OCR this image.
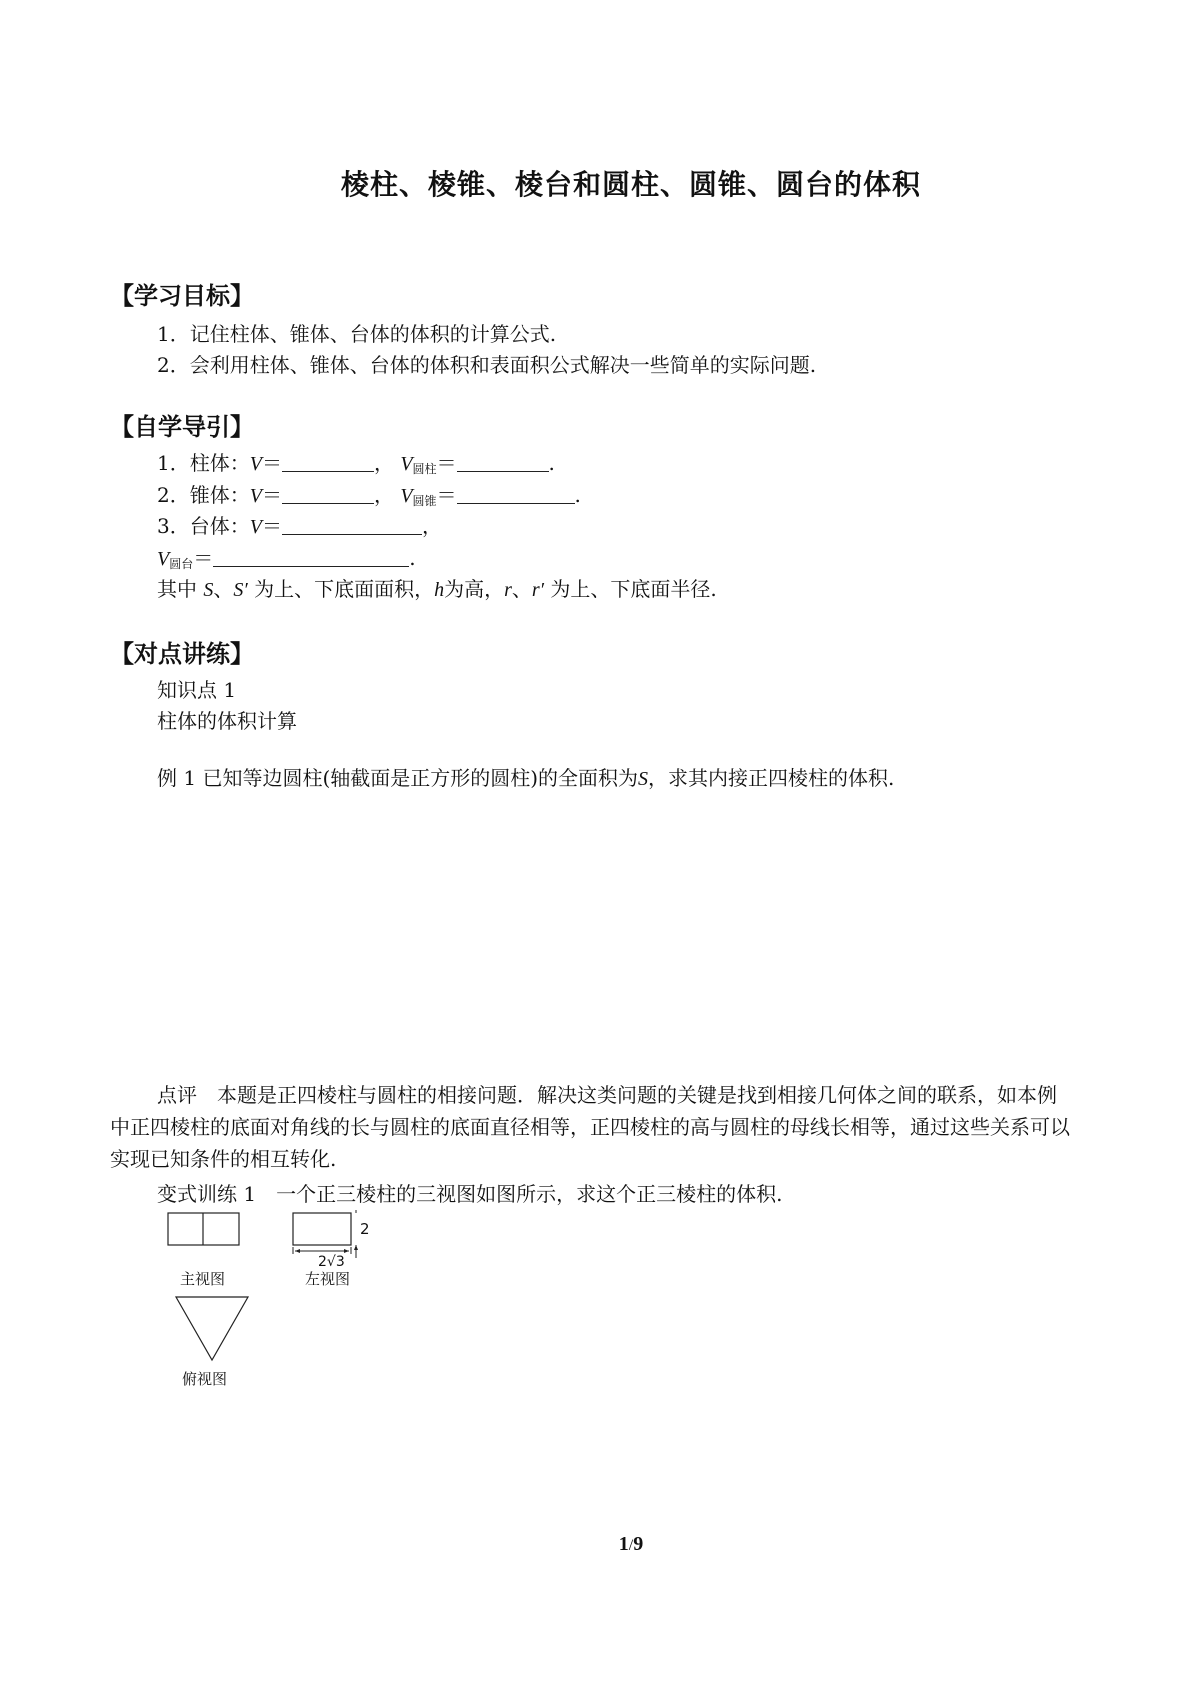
棱柱、棱锥、棱台和圆柱、圆锥、圆台的体积
【学习目标】
1．记住柱体、锥体、台体的体积的计算公式.
2．会利用柱体、锥体、台体的体积和表面积公式解决一些简单的实际问题.
【自学导引】
1．柱体：V＝	， $V_{圆柱}=$	.
2．锥体：V＝	， $V_{圆锥}=$	.
3．台体：V＝	，
$V_{圆台}=$	.
其中 S、S′ 为上、下底面面积，h为高，r、r′ 为上、下底面半径.
【对点讲练】
知识点 1
柱体的体积计算
例 1 已知等边圆柱(轴截面是正方形的圆柱)的全面积为S，求其内接正四棱柱的体积.
点评　本题是正四棱柱与圆柱的相接问题．解决这类问题的关键是找到相接几何体之间的联系，如本例中正四棱柱的底面对角线的长与圆柱的底面直径相等，正四棱柱的高与圆柱的母线长相等，通过这些关系可以实现已知条件的相互转化.
变式训练 1　一个正三棱柱的三视图如图所示，求这个正三棱柱的体积.
主视图	左视图
2√3
2
俯视图
1/9
